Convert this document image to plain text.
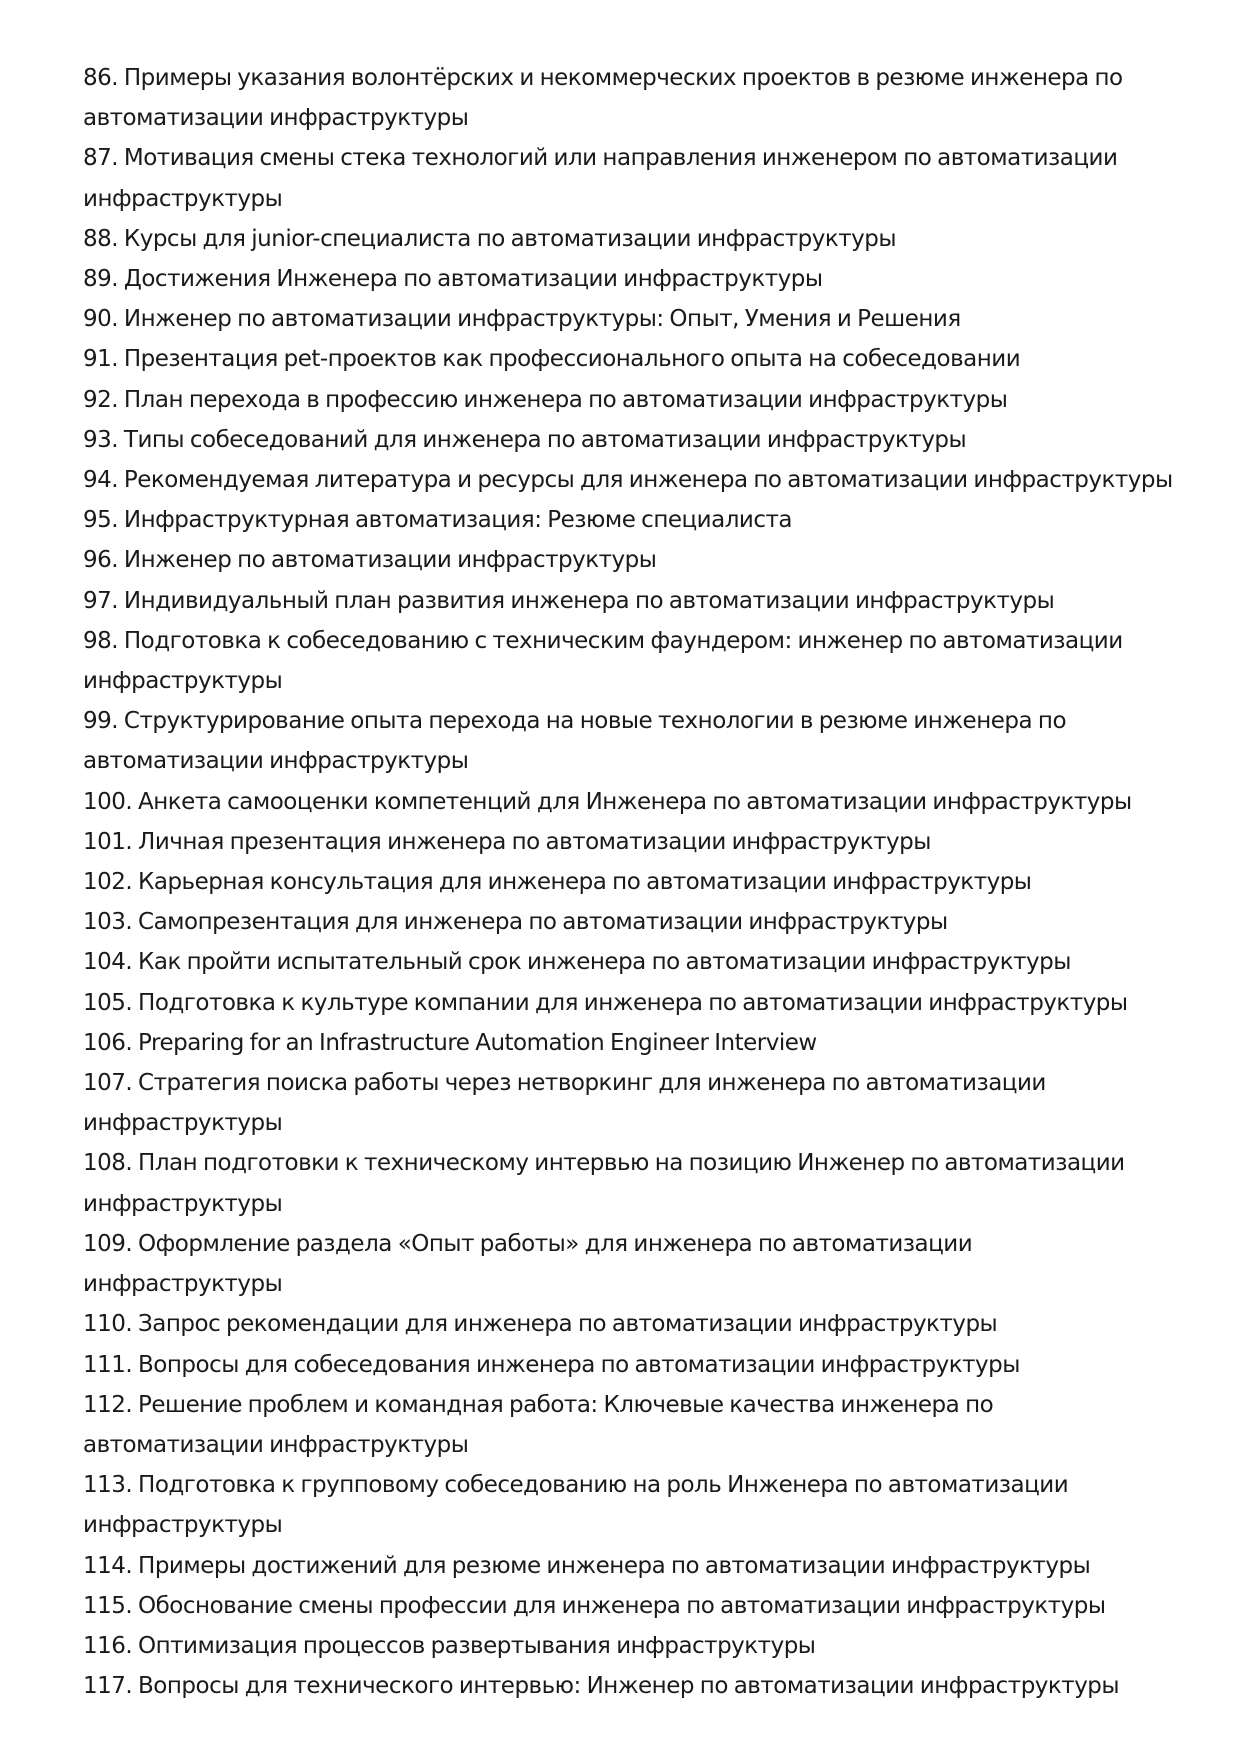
86. Примеры указания волонтёрских и некоммерческих проектов в резюме инженера по
автоматизации инфраструктуры
87. Мотивация смены стека технологий или направления инженером по автоматизации
инфраструктуры
88. Курсы для junior-специалиста по автоматизации инфраструктуры
89. Достижения Инженера по автоматизации инфраструктуры
90. Инженер по автоматизации инфраструктуры: Опыт, Умения и Решения
91. Презентация pet-проектов как профессионального опыта на собеседовании
92. План перехода в профессию инженера по автоматизации инфраструктуры
93. Типы собеседований для инженера по автоматизации инфраструктуры
94. Рекомендуемая литература и ресурсы для инженера по автоматизации инфраструктуры
95. Инфраструктурная автоматизация: Резюме специалиста
96. Инженер по автоматизации инфраструктуры
97. Индивидуальный план развития инженера по автоматизации инфраструктуры
98. Подготовка к собеседованию с техническим фаундером: инженер по автоматизации
инфраструктуры
99. Структурирование опыта перехода на новые технологии в резюме инженера по
автоматизации инфраструктуры
100. Анкета самооценки компетенций для Инженера по автоматизации инфраструктуры
101. Личная презентация инженера по автоматизации инфраструктуры
102. Карьерная консультация для инженера по автоматизации инфраструктуры
103. Самопрезентация для инженера по автоматизации инфраструктуры
104. Как пройти испытательный срок инженера по автоматизации инфраструктуры
105. Подготовка к культуре компании для инженера по автоматизации инфраструктуры
106. Preparing for an Infrastructure Automation Engineer Interview
107. Стратегия поиска работы через нетворкинг для инженера по автоматизации
инфраструктуры
108. План подготовки к техническому интервью на позицию Инженер по автоматизации
инфраструктуры
109. Оформление раздела «Опыт работы» для инженера по автоматизации инфраструктуры
110. Запрос рекомендации для инженера по автоматизации инфраструктуры
111. Вопросы для собеседования инженера по автоматизации инфраструктуры
112. Решение проблем и командная работа: Ключевые качества инженера по
автоматизации инфраструктуры
113. Подготовка к групповому собеседованию на роль Инженера по автоматизации
инфраструктуры
114. Примеры достижений для резюме инженера по автоматизации инфраструктуры
115. Обоснование смены профессии для инженера по автоматизации инфраструктуры
116. Оптимизация процессов развертывания инфраструктуры
117. Вопросы для технического интервью: Инженер по автоматизации инфраструктуры
